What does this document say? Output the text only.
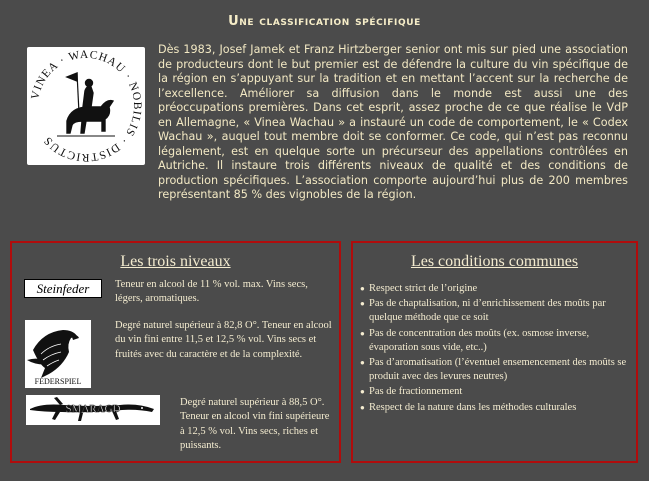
Une classification spécifique
VINEA · WACHAU · NOBILIS · DISTRICTUS
Dès 1983, Josef Jamek et Franz Hirtzberger senior ont mis sur pied une association de producteurs dont le but premier est de défendre la culture du vin spécifique de la région en s’appuyant sur la tradition et en mettant l’accent sur la recherche de l’excellence. Améliorer sa diffusion dans le monde est aussi une des préoccupations premières. Dans cet esprit, assez proche de ce que réalise le VdP en Allemagne, « Vinea Wachau » a instauré un code de comportement, le « Codex Wachau », auquel tout membre doit se conformer. Ce code, qui n’est pas reconnu légalement, est en quelque sorte un précurseur des appellations contrôlées en Autriche. Il instaure trois différents niveaux de qualité et des conditions de production spécifiques. L’association comporte aujourd’hui plus de 200 membres représentant 85 % des vignobles de la région.
Les trois niveaux
Steinfeder Teneur en alcool de 11 % vol. max. Vins secs, légers, aromatiques.
FEDERSPIEL
Degré naturel supérieur à 82,8 O°. Teneur en alcool du vin fini entre 11,5 et 12,5 % vol. Vins secs et fruités avec du caractère et de la complexité.
SMARAGD
Degré naturel supérieur à 88,5 O°. Teneur en alcool vin fini supérieure à 12,5 % vol. Vins secs, riches et puissants.
Les conditions communes
● Respect strict de l’origine
● Pas de chaptalisation, ni d’enrichissement des moûts par quelque méthode que ce soit
● Pas de concentration des moûts (ex. osmose inverse, évaporation sous vide, etc..)
● Pas d’aromatisation (l’éventuel ensemencement des moûts se produit avec des levures neutres)
● Pas de fractionnement
● Respect de la nature dans les méthodes culturales
